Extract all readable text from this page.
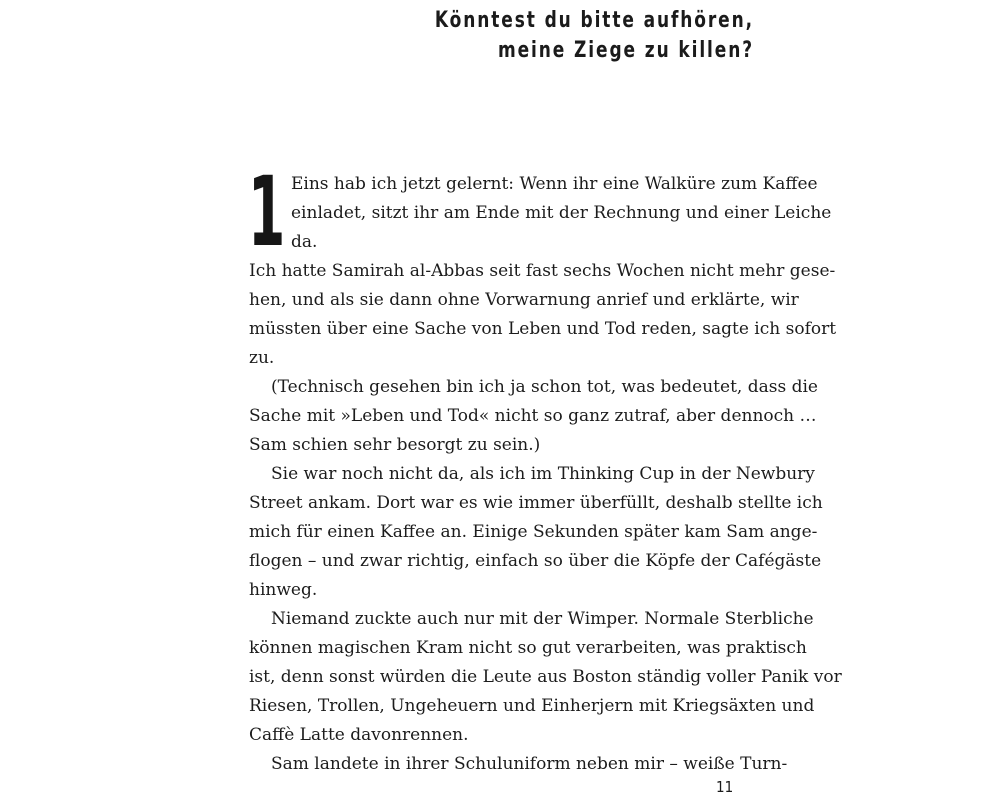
Könntest du bitte aufhören,
meine Ziege zu killen?
1 Eins hab ich jetzt gelernt: Wenn ihr eine Walküre zum Kaffee
einladet, sitzt ihr am Ende mit der Rechnung und einer Leiche
da.
Ich hatte Samirah al-Abbas seit fast sechs Wochen nicht mehr gese-
hen, und als sie dann ohne Vorwarnung anrief und erklärte, wir
müssten über eine Sache von Leben und Tod reden, sagte ich sofort
zu.
(Technisch gesehen bin ich ja schon tot, was bedeutet, dass die
Sache mit »Leben und Tod« nicht so ganz zutraf, aber dennoch …
Sam schien sehr besorgt zu sein.)
Sie war noch nicht da, als ich im Thinking Cup in der Newbury
Street ankam. Dort war es wie immer überfüllt, deshalb stellte ich
mich für einen Kaffee an. Einige Sekunden später kam Sam ange-
flogen – und zwar richtig, einfach so über die Köpfe der Cafégäste
hinweg.
Niemand zuckte auch nur mit der Wimper. Normale Sterbliche
können magischen Kram nicht so gut verarbeiten, was praktisch
ist, denn sonst würden die Leute aus Boston ständig voller Panik vor
Riesen, Trollen, Ungeheuern und Einherjern mit Kriegsäxten und
Caffè Latte davonrennen.
Sam landete in ihrer Schuluniform neben mir – weiße Turn-
11
